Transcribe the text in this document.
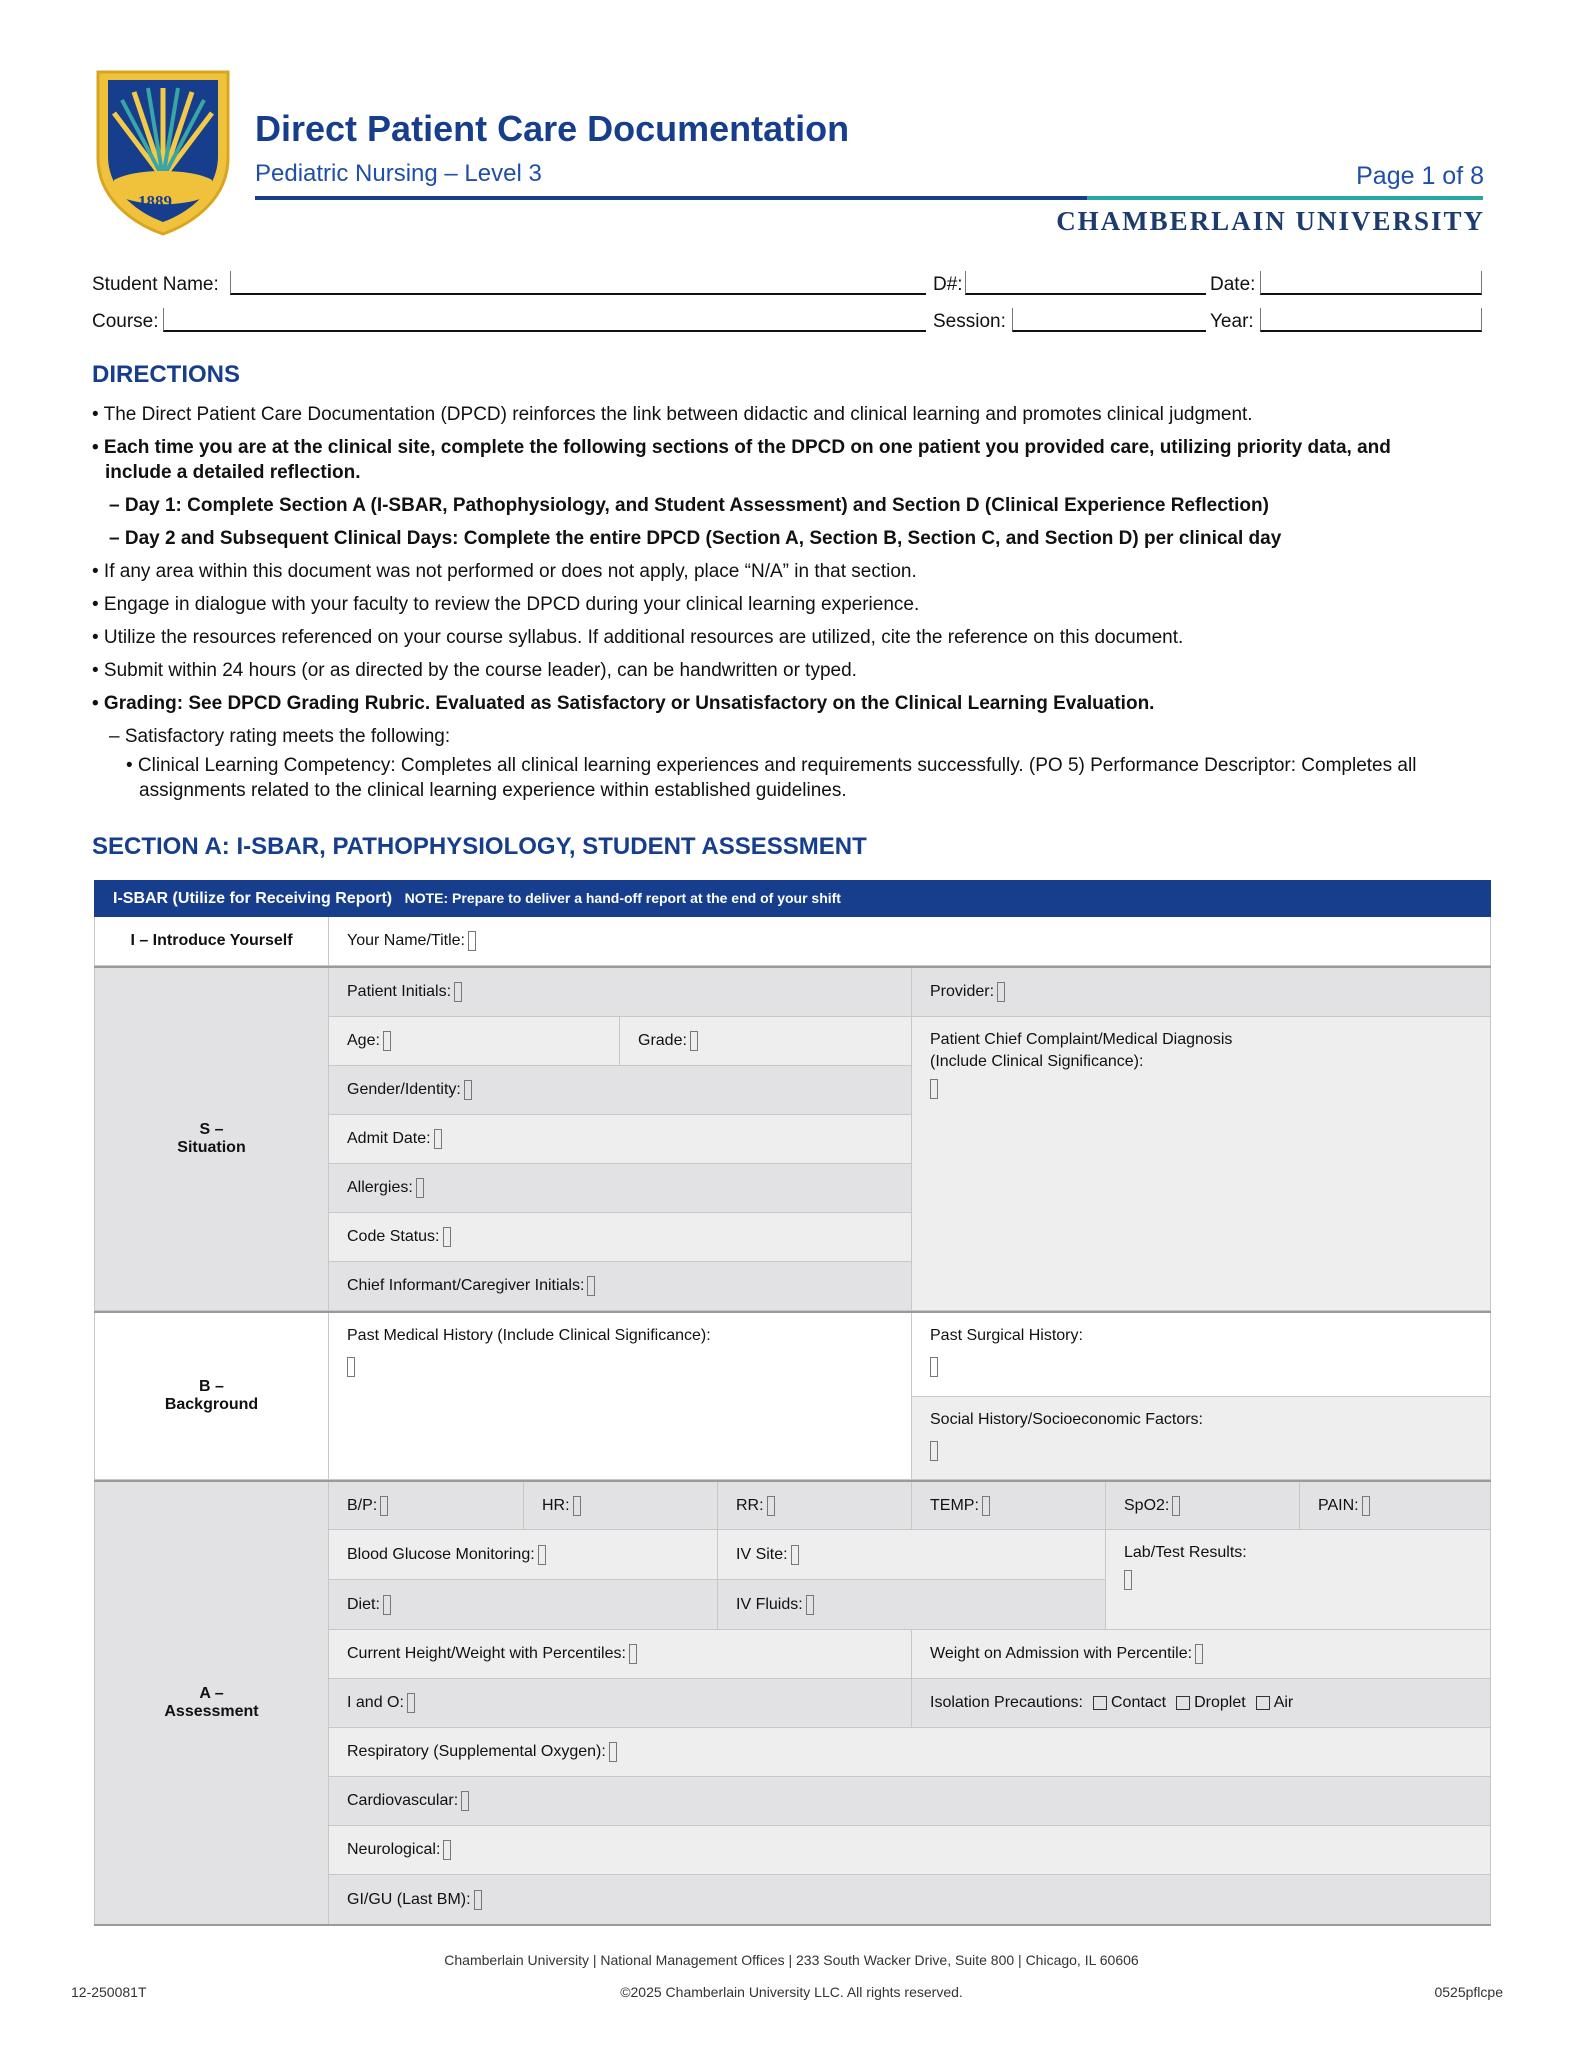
1889
Direct Patient Care Documentation
Pediatric Nursing – Level 3	Page 1 of 8
CHAMBERLAIN UNIVERSITY
Student Name:	D#:	Date:
Course:	Session:	Year:
DIRECTIONS

• The Direct Patient Care Documentation (DPCD) reinforces the link between didactic and clinical learning and promotes clinical judgment.

• Each time you are at the clinical site, complete the following sections of the DPCD on one patient you provided care, utilizing priority data, and include a detailed reflection.

– Day 1: Complete Section A (I-SBAR, Pathophysiology, and Student Assessment) and Section D (Clinical Experience Reflection)

– Day 2 and Subsequent Clinical Days: Complete the entire DPCD (Section A, Section B, Section C, and Section D) per clinical day

• If any area within this document was not performed or does not apply, place “N/A” in that section.

• Engage in dialogue with your faculty to review the DPCD during your clinical learning experience.

• Utilize the resources referenced on your course syllabus. If additional resources are utilized, cite the reference on this document.

• Submit within 24 hours (or as directed by the course leader), can be handwritten or typed.

• Grading: See DPCD Grading Rubric. Evaluated as Satisfactory or Unsatisfactory on the Clinical Learning Evaluation.

– Satisfactory rating meets the following:

• Clinical Learning Competency: Completes all clinical learning experiences and requirements successfully. (PO 5) Performance Descriptor: Completes all assignments related to the clinical learning experience within established guidelines.

SECTION A: I-SBAR, PATHOPHYSIOLOGY, STUDENT ASSESSMENT
I-SBAR (Utilize for Receiving Report) NOTE: Prepare to deliver a hand-off report at the end of your shift
I – Introduce Yourself	Your Name/Title:
S –
Situation
Patient Initials:	Provider:
Age:	Grade:	Patient Chief Complaint/Medical Diagnosis
(Include Clinical Significance):
Gender/Identity:
Admit Date:
Allergies:
Code Status:
Chief Informant/Caregiver Initials:
B –
Background
Past Medical History (Include Clinical Significance):	Past Surgical History:
Social History/Socioeconomic Factors:
A –
Assessment
B/P:	HR:	RR:	TEMP:	SpO2:	PAIN:
Blood Glucose Monitoring:	IV Site:	Lab/Test Results:
Diet:	IV Fluids:
Current Height/Weight with Percentiles:	Weight on Admission with Percentile:
I and O:	Isolation Precautions: Contact Droplet Air
Respiratory (Supplemental Oxygen):
Cardiovascular:
Neurological:
GI/GU (Last BM):
Chamberlain University | National Management Offices | 233 South Wacker Drive, Suite 800 | Chicago, IL 60606
12-250081T	©2025 Chamberlain University LLC. All rights reserved.	0525pflcpe
